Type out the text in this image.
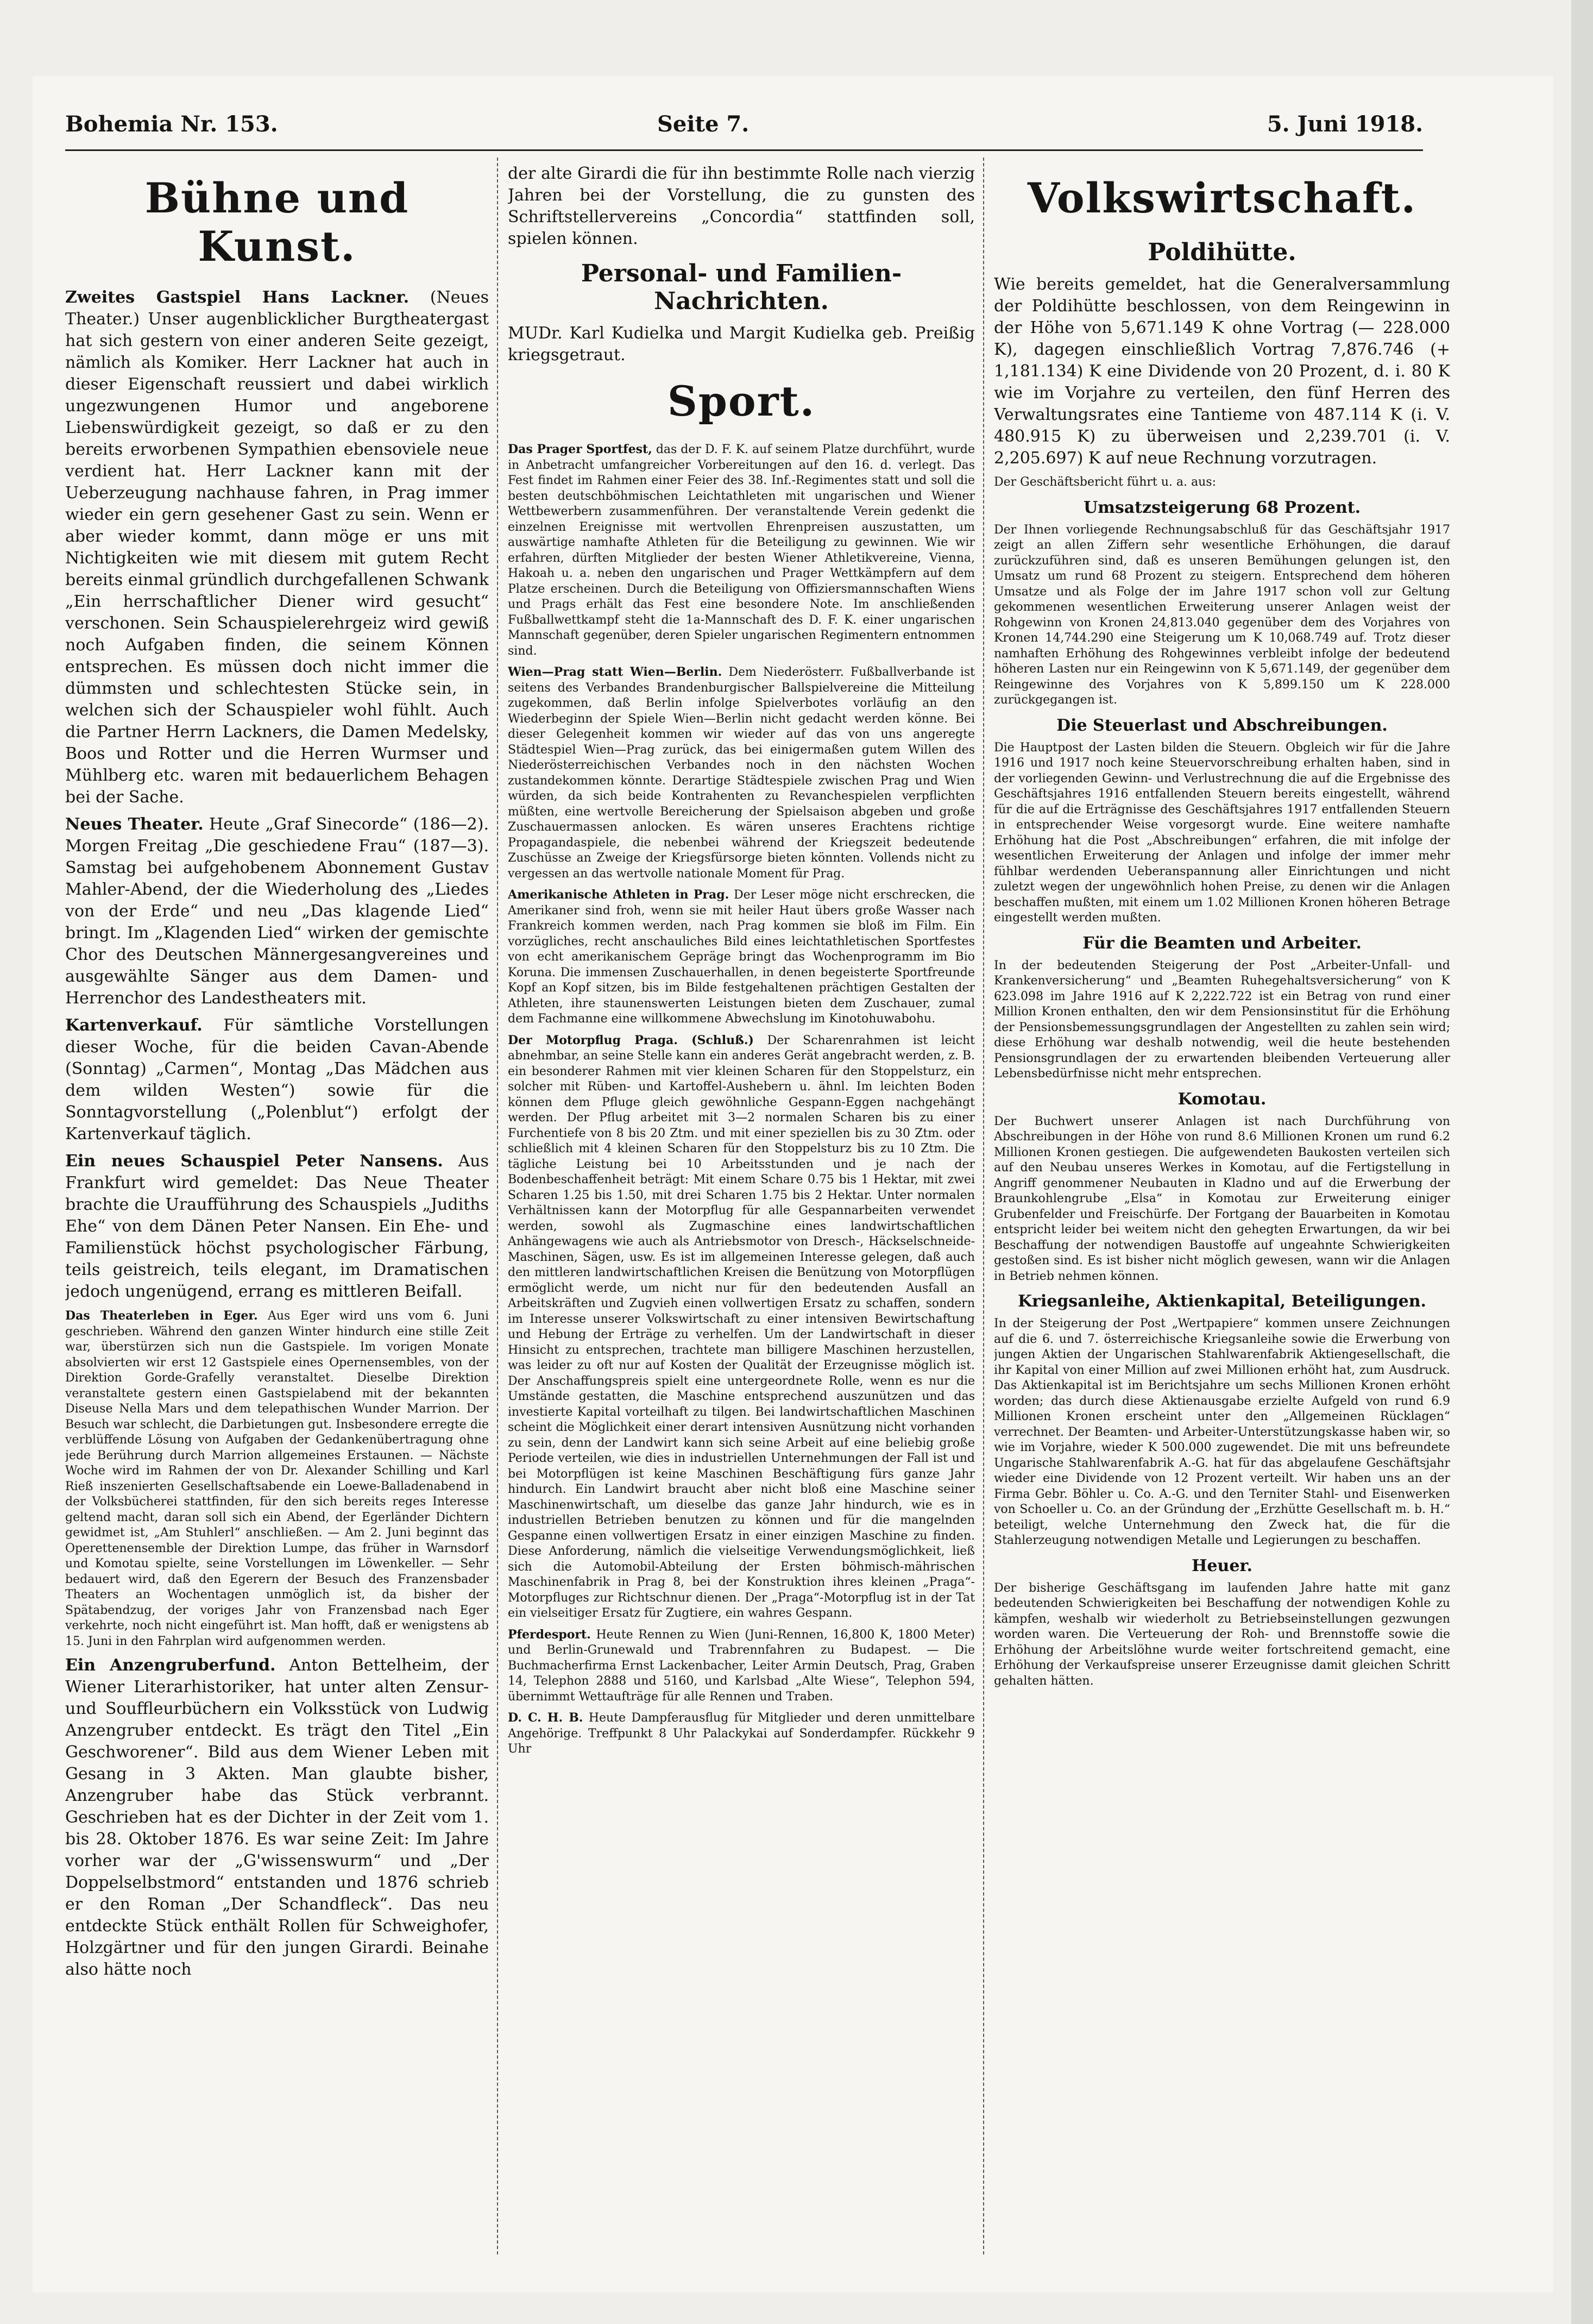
Bohemia Nr. 153.	Seite 7.	5. Juni 1918.
Bühne und Kunst.

Zweites Gastspiel Hans Lackner. (Neues Theater.) Unser augenblicklicher Burgtheatergast hat sich gestern von einer anderen Seite gezeigt, nämlich als Komiker. Herr Lackner hat auch in dieser Eigenschaft reussiert und dabei wirklich ungezwungenen Humor und angeborene Liebenswürdigkeit gezeigt, so daß er zu den bereits erworbenen Sympathien ebensoviele neue verdient hat. Herr Lackner kann mit der Ueberzeugung nachhause fahren, in Prag immer wieder ein gern gesehener Gast zu sein. Wenn er aber wieder kommt, dann möge er uns mit Nichtigkeiten wie mit diesem mit gutem Recht bereits einmal gründlich durchgefallenen Schwank „Ein herrschaftlicher Diener wird gesucht“ verschonen. Sein Schauspielerehrgeiz wird gewiß noch Aufgaben finden, die seinem Können entsprechen. Es müssen doch nicht immer die dümmsten und schlechtesten Stücke sein, in welchen sich der Schauspieler wohl fühlt. Auch die Partner Herrn Lackners, die Damen Medelsky, Boos und Rotter und die Herren Wurmser und Mühlberg etc. waren mit bedauerlichem Behagen bei der Sache.

Neues Theater. Heute „Graf Sinecorde“ (186—2). Morgen Freitag „Die geschiedene Frau“ (187—3). Samstag bei aufgehobenem Abonnement Gustav Mahler-Abend, der die Wiederholung des „Liedes von der Erde“ und neu „Das klagende Lied“ bringt. Im „Klagenden Lied“ wirken der gemischte Chor des Deutschen Männergesangvereines und ausgewählte Sänger aus dem Damen- und Herrenchor des Landestheaters mit.

Kartenverkauf. Für sämtliche Vorstellungen dieser Woche, für die beiden Cavan-Abende (Sonntag) „Carmen“, Montag „Das Mädchen aus dem wilden Westen“) sowie für die Sonntagvorstellung („Polenblut“) erfolgt der Kartenverkauf täglich.

Ein neues Schauspiel Peter Nansens. Aus Frankfurt wird gemeldet: Das Neue Theater brachte die Uraufführung des Schauspiels „Judiths Ehe“ von dem Dänen Peter Nansen. Ein Ehe- und Familienstück höchst psychologischer Färbung, teils geistreich, teils elegant, im Dramatischen jedoch ungenügend, errang es mittleren Beifall.

Das Theaterleben in Eger. Aus Eger wird uns vom 6. Juni geschrieben. Während den ganzen Winter hindurch eine stille Zeit war, überstürzen sich nun die Gastspiele. Im vorigen Monate absolvierten wir erst 12 Gastspiele eines Opernensembles, von der Direktion Gorde-Grafelly veranstaltet. Dieselbe Direktion veranstaltete gestern einen Gastspielabend mit der bekannten Diseuse Nella Mars und dem telepathischen Wunder Marrion. Der Besuch war schlecht, die Darbietungen gut. Insbesondere erregte die verblüffende Lösung von Aufgaben der Gedankenübertragung ohne jede Berührung durch Marrion allgemeines Erstaunen. — Nächste Woche wird im Rahmen der von Dr. Alexander Schilling und Karl Rieß inszenierten Gesellschaftsabende ein Loewe-Balladenabend in der Volksbücherei stattfinden, für den sich bereits reges Interesse geltend macht, daran soll sich ein Abend, der Egerländer Dichtern gewidmet ist, „Am Stuhlerl“ anschließen. — Am 2. Juni beginnt das Operettenensemble der Direktion Lumpe, das früher in Warnsdorf und Komotau spielte, seine Vorstellungen im Löwenkeller. — Sehr bedauert wird, daß den Egerern der Besuch des Franzensbader Theaters an Wochentagen unmöglich ist, da bisher der Spätabendzug, der voriges Jahr von Franzensbad nach Eger verkehrte, noch nicht eingeführt ist. Man hofft, daß er wenigstens ab 15. Juni in den Fahrplan wird aufgenommen werden.

Ein Anzengruberfund. Anton Bettelheim, der Wiener Literarhistoriker, hat unter alten Zensur- und Souffleurbüchern ein Volksstück von Ludwig Anzengruber entdeckt. Es trägt den Titel „Ein Geschworener“. Bild aus dem Wiener Leben mit Gesang in 3 Akten. Man glaubte bisher, Anzengruber habe das Stück verbrannt. Geschrieben hat es der Dichter in der Zeit vom 1. bis 28. Oktober 1876. Es war seine Zeit: Im Jahre vorher war der „G'wissenswurm“ und „Der Doppelselbstmord“ entstanden und 1876 schrieb er den Roman „Der Schandfleck“. Das neu entdeckte Stück enthält Rollen für Schweighofer, Holzgärtner und für den jungen Girardi. Beinahe also hätte noch

der alte Girardi die für ihn bestimmte Rolle nach vierzig Jahren bei der Vorstellung, die zu gunsten des Schriftstellervereins „Concordia“ stattfinden soll, spielen können.

Personal- und Familien-Nachrichten.

MUDr. Karl Kudielka und Margit Kudielka geb. Preißig kriegsgetraut.

Sport.

Das Prager Sportfest, das der D. F. K. auf seinem Platze durchführt, wurde in Anbetracht umfangreicher Vorbereitungen auf den 16. d. verlegt. Das Fest findet im Rahmen einer Feier des 38. Inf.-Regimentes statt und soll die besten deutschböhmischen Leichtathleten mit ungarischen und Wiener Wettbewerbern zusammenführen. Der veranstaltende Verein gedenkt die einzelnen Ereignisse mit wertvollen Ehrenpreisen auszustatten, um auswärtige namhafte Athleten für die Beteiligung zu gewinnen. Wie wir erfahren, dürften Mitglieder der besten Wiener Athletikvereine, Vienna, Hakoah u. a. neben den ungarischen und Prager Wettkämpfern auf dem Platze erscheinen. Durch die Beteiligung von Offiziersmannschaften Wiens und Prags erhält das Fest eine besondere Note. Im anschließenden Fußballwettkampf steht die 1a-Mannschaft des D. F. K. einer ungarischen Mannschaft gegenüber, deren Spieler ungarischen Regimentern entnommen sind.

Wien—Prag statt Wien—Berlin. Dem Niederösterr. Fußballverbande ist seitens des Verbandes Brandenburgischer Ballspielvereine die Mitteilung zugekommen, daß Berlin infolge Spielverbotes vorläufig an den Wiederbeginn der Spiele Wien—Berlin nicht gedacht werden könne. Bei dieser Gelegenheit kommen wir wieder auf das von uns angeregte Städtespiel Wien—Prag zurück, das bei einigermaßen gutem Willen des Niederösterreichischen Verbandes noch in den nächsten Wochen zustandekommen könnte. Derartige Städtespiele zwischen Prag und Wien würden, da sich beide Kontrahenten zu Revanchespielen verpflichten müßten, eine wertvolle Bereicherung der Spielsaison abgeben und große Zuschauermassen anlocken. Es wären unseres Erachtens richtige Propagandaspiele, die nebenbei während der Kriegszeit bedeutende Zuschüsse an Zweige der Kriegsfürsorge bieten könnten. Vollends nicht zu vergessen an das wertvolle nationale Moment für Prag.

Amerikanische Athleten in Prag. Der Leser möge nicht erschrecken, die Amerikaner sind froh, wenn sie mit heiler Haut übers große Wasser nach Frankreich kommen werden, nach Prag kommen sie bloß im Film. Ein vorzügliches, recht anschauliches Bild eines leichtathletischen Sportfestes von echt amerikanischem Gepräge bringt das Wochenprogramm im Bio Koruna. Die immensen Zuschauerhallen, in denen begeisterte Sportfreunde Kopf an Kopf sitzen, bis im Bilde festgehaltenen prächtigen Gestalten der Athleten, ihre staunenswerten Leistungen bieten dem Zuschauer, zumal dem Fachmanne eine willkommene Abwechslung im Kinotohuwabohu.

Der Motorpflug Praga. (Schluß.) Der Scharenrahmen ist leicht abnehmbar, an seine Stelle kann ein anderes Gerät angebracht werden, z. B. ein besonderer Rahmen mit vier kleinen Scharen für den Stoppelsturz, ein solcher mit Rüben- und Kartoffel-Aushebern u. ähnl. Im leichten Boden können dem Pfluge gleich gewöhnliche Gespann-Eggen nachgehängt werden. Der Pflug arbeitet mit 3—2 normalen Scharen bis zu einer Furchentiefe von 8 bis 20 Ztm. und mit einer speziellen bis zu 30 Ztm. oder schließlich mit 4 kleinen Scharen für den Stoppelsturz bis zu 10 Ztm. Die tägliche Leistung bei 10 Arbeitsstunden und je nach der Bodenbeschaffenheit beträgt: Mit einem Schare 0.75 bis 1 Hektar, mit zwei Scharen 1.25 bis 1.50, mit drei Scharen 1.75 bis 2 Hektar. Unter normalen Verhältnissen kann der Motorpflug für alle Gespannarbeiten verwendet werden, sowohl als Zugmaschine eines landwirtschaftlichen Anhängewagens wie auch als Antriebsmotor von Dresch-, Häckselschneide-Maschinen, Sägen, usw. Es ist im allgemeinen Interesse gelegen, daß auch den mittleren landwirtschaftlichen Kreisen die Benützung von Motorpflügen ermöglicht werde, um nicht nur für den bedeutenden Ausfall an Arbeitskräften und Zugvieh einen vollwertigen Ersatz zu schaffen, sondern im Interesse unserer Volkswirtschaft zu einer intensiven Bewirtschaftung und Hebung der Erträge zu verhelfen. Um der Landwirtschaft in dieser Hinsicht zu entsprechen, trachtete man billigere Maschinen herzustellen, was leider zu oft nur auf Kosten der Qualität der Erzeugnisse möglich ist. Der Anschaffungspreis spielt eine untergeordnete Rolle, wenn es nur die Umstände gestatten, die Maschine entsprechend auszunützen und das investierte Kapital vorteilhaft zu tilgen. Bei landwirtschaftlichen Maschinen scheint die Möglichkeit einer derart intensiven Ausnützung nicht vorhanden zu sein, denn der Landwirt kann sich seine Arbeit auf eine beliebig große Periode verteilen, wie dies in industriellen Unternehmungen der Fall ist und bei Motorpflügen ist keine Maschinen Beschäftigung fürs ganze Jahr hindurch. Ein Landwirt braucht aber nicht bloß eine Maschine seiner Maschinenwirtschaft, um dieselbe das ganze Jahr hindurch, wie es in industriellen Betrieben benutzen zu können und für die mangelnden Gespanne einen vollwertigen Ersatz in einer einzigen Maschine zu finden. Diese Anforderung, nämlich die vielseitige Verwendungsmöglichkeit, ließ sich die Automobil-Abteilung der Ersten böhmisch-mährischen Maschinenfabrik in Prag 8, bei der Konstruktion ihres kleinen „Praga“-Motorpfluges zur Richtschnur dienen. Der „Praga“-Motorpflug ist in der Tat ein vielseitiger Ersatz für Zugtiere, ein wahres Gespann.

Pferdesport. Heute Rennen zu Wien (Juni-Rennen, 16,800 K, 1800 Meter) und Berlin-Grunewald und Trabrennfahren zu Budapest. — Die Buchmacherfirma Ernst Lackenbacher, Leiter Armin Deutsch, Prag, Graben 14, Telephon 2888 und 5160, und Karlsbad „Alte Wiese“, Telephon 594, übernimmt Wettaufträge für alle Rennen und Traben.

D. C. H. B. Heute Dampferausflug für Mitglieder und deren unmittelbare Angehörige. Treffpunkt 8 Uhr Palackykai auf Sonderdampfer. Rückkehr 9 Uhr

Volkswirtschaft.
Poldihütte.

Wie bereits gemeldet, hat die Generalversammlung der Poldihütte beschlossen, von dem Reingewinn in der Höhe von 5,671.149 K ohne Vortrag (— 228.000 K), dagegen einschließlich Vortrag 7,876.746 (+ 1,181.134) K eine Dividende von 20 Prozent, d. i. 80 K wie im Vorjahre zu verteilen, den fünf Herren des Verwaltungsrates eine Tantieme von 487.114 K (i. V. 480.915 K) zu überweisen und 2,239.701 (i. V. 2,205.697) K auf neue Rechnung vorzutragen.

Der Geschäftsbericht führt u. a. aus:

Umsatzsteigerung 68 Prozent.

Der Ihnen vorliegende Rechnungsabschluß für das Geschäftsjahr 1917 zeigt an allen Ziffern sehr wesentliche Erhöhungen, die darauf zurückzuführen sind, daß es unseren Bemühungen gelungen ist, den Umsatz um rund 68 Prozent zu steigern. Entsprechend dem höheren Umsatze und als Folge der im Jahre 1917 schon voll zur Geltung gekommenen wesentlichen Erweiterung unserer Anlagen weist der Rohgewinn von Kronen 24,813.040 gegenüber dem des Vorjahres von Kronen 14,744.290 eine Steigerung um K 10,068.749 auf. Trotz dieser namhaften Erhöhung des Rohgewinnes verbleibt infolge der bedeutend höheren Lasten nur ein Reingewinn von K 5,671.149, der gegenüber dem Reingewinne des Vorjahres von K 5,899.150 um K 228.000 zurückgegangen ist.

Die Steuerlast und Abschreibungen.

Die Hauptpost der Lasten bilden die Steuern. Obgleich wir für die Jahre 1916 und 1917 noch keine Steuervorschreibung erhalten haben, sind in der vorliegenden Gewinn- und Verlustrechnung die auf die Ergebnisse des Geschäftsjahres 1916 entfallenden Steuern bereits eingestellt, während für die auf die Erträgnisse des Geschäftsjahres 1917 entfallenden Steuern in entsprechender Weise vorgesorgt wurde. Eine weitere namhafte Erhöhung hat die Post „Abschreibungen“ erfahren, die mit infolge der wesentlichen Erweiterung der Anlagen und infolge der immer mehr fühlbar werdenden Ueberanspannung aller Einrichtungen und nicht zuletzt wegen der ungewöhnlich hohen Preise, zu denen wir die Anlagen beschaffen mußten, mit einem um 1.02 Millionen Kronen höheren Betrage eingestellt werden mußten.

Für die Beamten und Arbeiter.

In der bedeutenden Steigerung der Post „Arbeiter-Unfall- und Krankenversicherung“ und „Beamten Ruhegehaltsversicherung“ von K 623.098 im Jahre 1916 auf K 2,222.722 ist ein Betrag von rund einer Million Kronen enthalten, den wir dem Pensionsinstitut für die Erhöhung der Pensionsbemessungsgrundlagen der Angestellten zu zahlen sein wird; diese Erhöhung war deshalb notwendig, weil die heute bestehenden Pensionsgrundlagen der zu erwartenden bleibenden Verteuerung aller Lebensbedürfnisse nicht mehr entsprechen.

Komotau.

Der Buchwert unserer Anlagen ist nach Durchführung von Abschreibungen in der Höhe von rund 8.6 Millionen Kronen um rund 6.2 Millionen Kronen gestiegen. Die aufgewendeten Baukosten verteilen sich auf den Neubau unseres Werkes in Komotau, auf die Fertigstellung in Angriff genommener Neubauten in Kladno und auf die Erwerbung der Braunkohlengrube „Elsa“ in Komotau zur Erweiterung einiger Grubenfelder und Freischürfe. Der Fortgang der Bauarbeiten in Komotau entspricht leider bei weitem nicht den gehegten Erwartungen, da wir bei Beschaffung der notwendigen Baustoffe auf ungeahnte Schwierigkeiten gestoßen sind. Es ist bisher nicht möglich gewesen, wann wir die Anlagen in Betrieb nehmen können.

Kriegsanleihe, Aktienkapital, Beteiligungen.

In der Steigerung der Post „Wertpapiere“ kommen unsere Zeichnungen auf die 6. und 7. österreichische Kriegsanleihe sowie die Erwerbung von jungen Aktien der Ungarischen Stahlwarenfabrik Aktiengesellschaft, die ihr Kapital von einer Million auf zwei Millionen erhöht hat, zum Ausdruck. Das Aktienkapital ist im Berichtsjahre um sechs Millionen Kronen erhöht worden; das durch diese Aktienausgabe erzielte Aufgeld von rund 6.9 Millionen Kronen erscheint unter den „Allgemeinen Rücklagen“ verrechnet. Der Beamten- und Arbeiter-Unterstützungskasse haben wir, so wie im Vorjahre, wieder K 500.000 zugewendet. Die mit uns befreundete Ungarische Stahlwarenfabrik A.-G. hat für das abgelaufene Geschäftsjahr wieder eine Dividende von 12 Prozent verteilt. Wir haben uns an der Firma Gebr. Böhler u. Co. A.-G. und den Terniter Stahl- und Eisenwerken von Schoeller u. Co. an der Gründung der „Erzhütte Gesellschaft m. b. H.“ beteiligt, welche Unternehmung den Zweck hat, die für die Stahlerzeugung notwendigen Metalle und Legierungen zu beschaffen.

Heuer.

Der bisherige Geschäftsgang im laufenden Jahre hatte mit ganz bedeutenden Schwierigkeiten bei Beschaffung der notwendigen Kohle zu kämpfen, weshalb wir wiederholt zu Betriebseinstellungen gezwungen worden waren. Die Verteuerung der Roh- und Brennstoffe sowie die Erhöhung der Arbeitslöhne wurde weiter fortschreitend gemacht, eine Erhöhung der Verkaufspreise unserer Erzeugnisse damit gleichen Schritt gehalten hätten.
